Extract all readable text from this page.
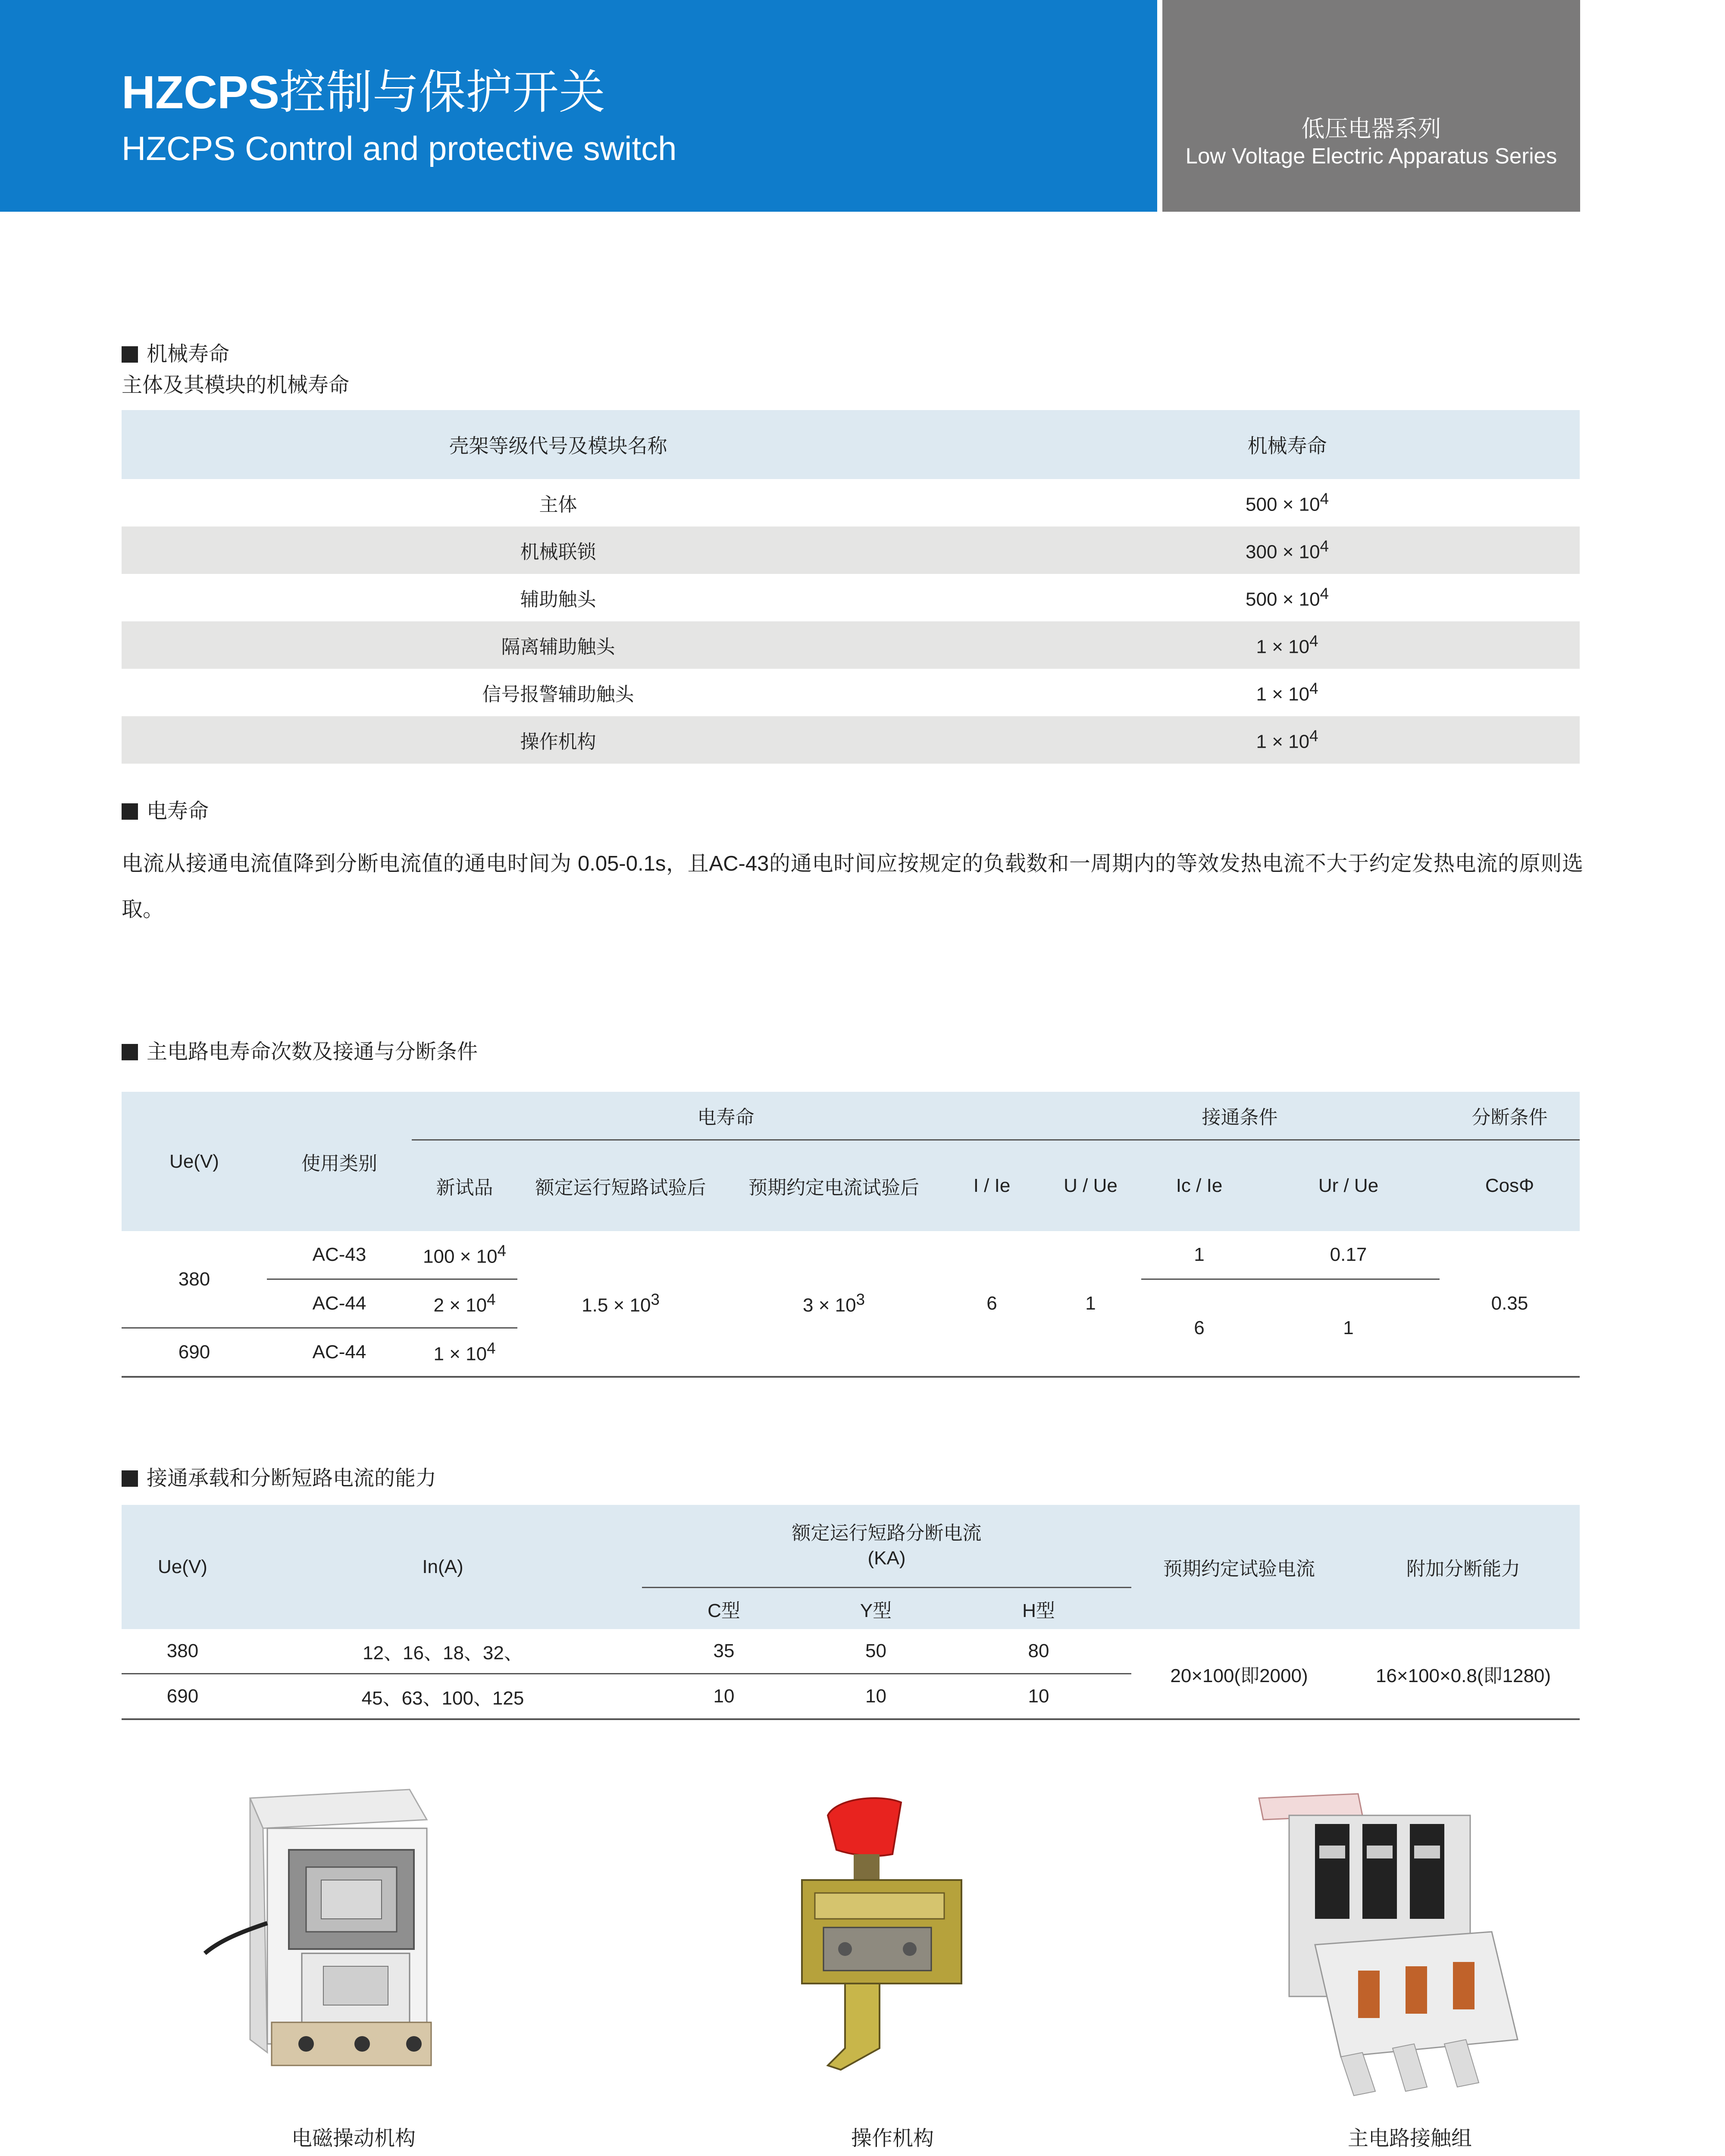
HZCPS控制与保护开关
HZCPS Control and protective switch
低压电器系列
Low Voltage Electric Apparatus Series
机械寿命
主体及其模块的机械寿命
壳架等级代号及模块名称	机械寿命
主体	$500 \times 10^4$
机械联锁	$300 \times 10^4$
辅助触头	$500 \times 10^4$
隔离辅助触头	$1 \times 10^4$
信号报警辅助触头	$1 \times 10^4$
操作机构	$1 \times 10^4$
电寿命
电流从接通电流值降到分断电流值的通电时间为 0.05-0.1s，且AC-43的通电时间应按规定的负载数和一周期内的等效发热电流不大于约定发热电流的原则选取。
主电路电寿命次数及接通与分断条件
Ue(V)	使用类别	电寿命				接通条件			分断条件
		新试品	额定运行短路试验后	预期约定电流试验后	I / Ie	U / Ue	Ic / Ie	Ur / Ue	CosΦ
380	AC-43	$100 \times 10^4$	$1.5 \times 10^3$	$3 \times 10^3$	6	1	1	0.17	0.35
	AC-44	$2 \times 10^4$					6	1	
690	AC-44	$1 \times 10^4$
接通承载和分断短路电流的能力
Ue(V)	In(A)	额定运行短路分断电流
(KA)			预期约定试验电流	附加分断能力
		C型	Y型	H型		
380	12、16、18、32、	35	50	80	20×100(即2000)	16×100×0.8(即1280)
690	45、63、100、125	10	10	10		
电磁操动机构	操作机构	主电路接触组
